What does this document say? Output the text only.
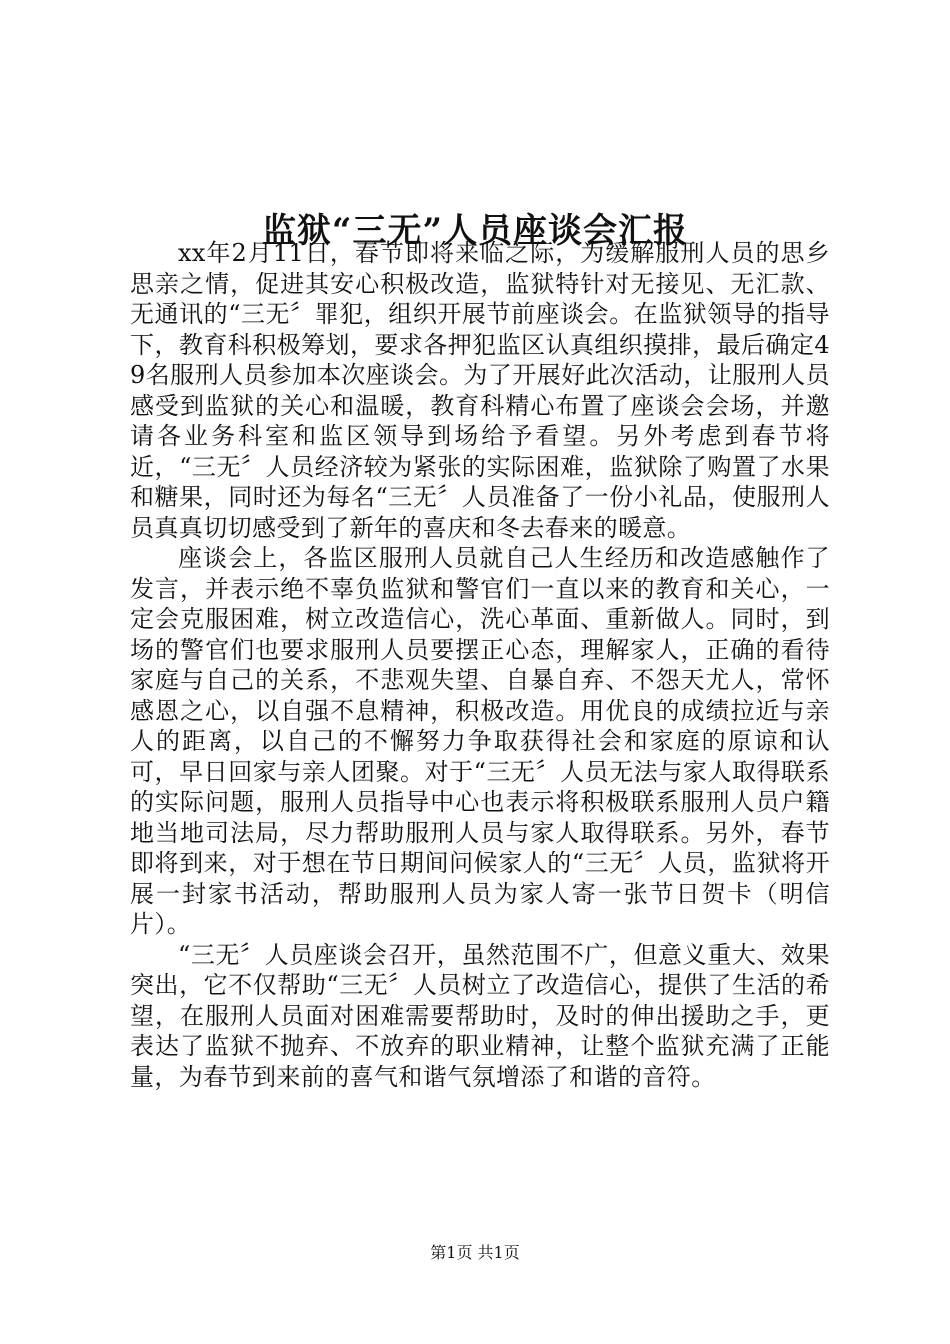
监狱“三无”人员座谈会汇报

xx年2月11日，春节即将来临之际，为缓解服刑人员的思乡思亲之情，促进其安心积极改造，监狱特针对无接见、无汇款、无通讯的“三无〞罪犯，组织开展节前座谈会。在监狱领导的指导下，教育科积极筹划，要求各押犯监区认真组织摸排，最后确定49名服刑人员参加本次座谈会。为了开展好此次活动，让服刑人员感受到监狱的关心和温暖，教育科精心布置了座谈会会场，并邀请各业务科室和监区领导到场给予看望。另外考虑到春节将近，“三无〞人员经济较为紧张的实际困难，监狱除了购置了水果和糖果，同时还为每名“三无〞人员准备了一份小礼品，使服刑人员真真切切感受到了新年的喜庆和冬去春来的暖意。

座谈会上，各监区服刑人员就自己人生经历和改造感触作了发言，并表示绝不辜负监狱和警官们一直以来的教育和关心，一定会克服困难，树立改造信心，洗心革面、重新做人。同时，到场的警官们也要求服刑人员要摆正心态，理解家人，正确的看待家庭与自己的关系，不悲观失望、自暴自弃、不怨天尤人，常怀感恩之心，以自强不息精神，积极改造。用优良的成绩拉近与亲人的距离，以自己的不懈努力争取获得社会和家庭的原谅和认可，早日回家与亲人团聚。对于“三无〞人员无法与家人取得联系的实际问题，服刑人员指导中心也表示将积极联系服刑人员户籍地当地司法局，尽力帮助服刑人员与家人取得联系。另外，春节即将到来，对于想在节日期间问候家人的“三无〞人员，监狱将开展一封家书活动，帮助服刑人员为家人寄一张节日贺卡（明信片）。

“三无〞人员座谈会召开，虽然范围不广，但意义重大、效果突出，它不仅帮助“三无〞人员树立了改造信心，提供了生活的希望，在服刑人员面对困难需要帮助时，及时的伸出援助之手，更表达了监狱不抛弃、不放弃的职业精神，让整个监狱充满了正能量，为春节到来前的喜气和谐气氛增添了和谐的音符。

第1页 共1页
